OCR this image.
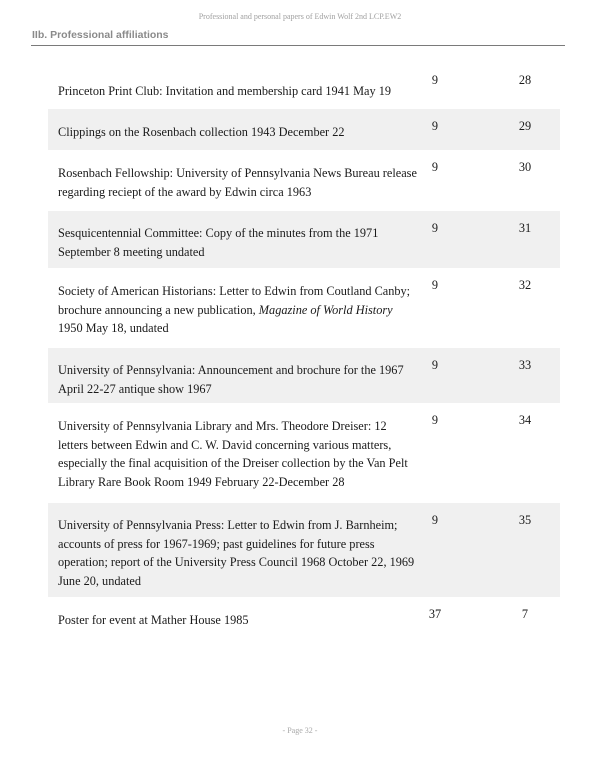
Professional and personal papers of Edwin Wolf 2nd LCP.EW2
IIb. Professional affiliations
Princeton Print Club: Invitation and membership card 1941 May 19
9	28
Clippings on the Rosenbach collection 1943 December 22	9	29
Rosenbach Fellowship: University of Pennsylvania News Bureau release regarding reciept of the award by Edwin circa 1963
9	30
Sesquicentennial Committee: Copy of the minutes from the 1971 September 8 meeting undated
9	31
Society of American Historians: Letter to Edwin from Coutland Canby; brochure announcing a new publication, Magazine of World History 1950 May 18, undated
9	32
University of Pennsylvania: Announcement and brochure for the 1967 April 22-27 antique show 1967
9	33
University of Pennsylvania Library and Mrs. Theodore Dreiser: 12 letters between Edwin and C. W. David concerning various matters, especially the final acquisition of the Dreiser collection by the Van Pelt Library Rare Book Room 1949 February 22-December 28
9	34
University of Pennsylvania Press: Letter to Edwin from J. Barnheim; accounts of press for 1967-1969; past guidelines for future press operation; report of the University Press Council 1968 October 22, 1969 June 20, undated
9	35
Poster for event at Mather House 1985	37	7
- Page 32 -
